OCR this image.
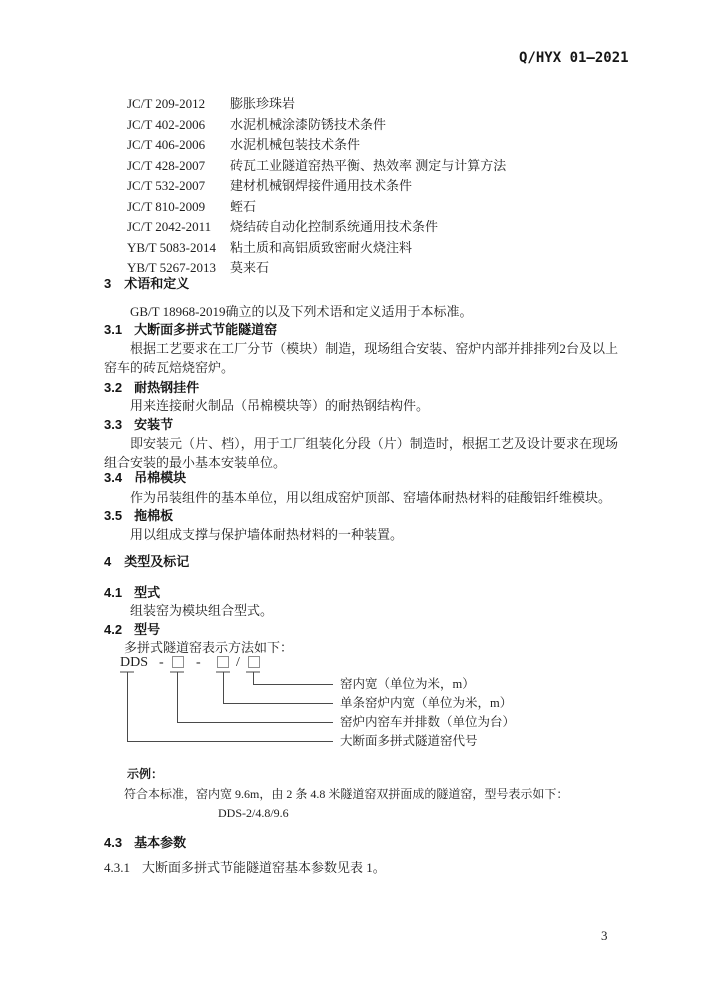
Q/HYX 01—2021
JC/T 209-2012 膨胀珍珠岩
JC/T 402-2006 水泥机械涂漆防锈技术条件
JC/T 406-2006 水泥机械包装技术条件
JC/T 428-2007 砖瓦工业隧道窑热平衡、热效率 测定与计算方法
JC/T 532-2007 建材机械钢焊接件通用技术条件
JC/T 810-2009 蛭石
JC/T 2042-2011 烧结砖自动化控制系统通用技术条件
YB/T 5083-2014 粘土质和高铝质致密耐火烧注料
YB/T 5267-2013 莫来石
3 术语和定义
GB/T 18968-2019确立的以及下列术语和定义适用于本标准。
3.1 大断面多拼式节能隧道窑
根据工艺要求在工厂分节（模块）制造，现场组合安装、窑炉内部并排排列2台及以上窑车的砖瓦焙烧窑炉。
3.2 耐热钢挂件
用来连接耐火制品（吊棉模块等）的耐热钢结构件。
3.3 安装节
即安装元（片、档），用于工厂组装化分段（片）制造时，根据工艺及设计要求在现场组合安装的最小基本安装单位。
3.4 吊棉模块
作为吊装组件的基本单位，用以组成窑炉顶部、窑墙体耐热材料的硅酸铝纤维模块。
3.5 拖棉板
用以组成支撑与保护墙体耐热材料的一种装置。
4 类型及标记
4.1 型式
组装窑为模块组合型式。
4.2 型号
多拼式隧道窑表示方法如下：
DDS - -	/
窑内宽（单位为米，m）
单条窑炉内宽（单位为米，m）
窑炉内窑车并排数（单位为台）
大断面多拼式隧道窑代号
示例：
符合本标准，窑内宽 9.6m，由 2 条 4.8 米隧道窑双拼面成的隧道窑，型号表示如下：
DDS-2/4.8/9.6
4.3 基本参数
4.3.1 大断面多拼式节能隧道窑基本参数见表 1。
3
